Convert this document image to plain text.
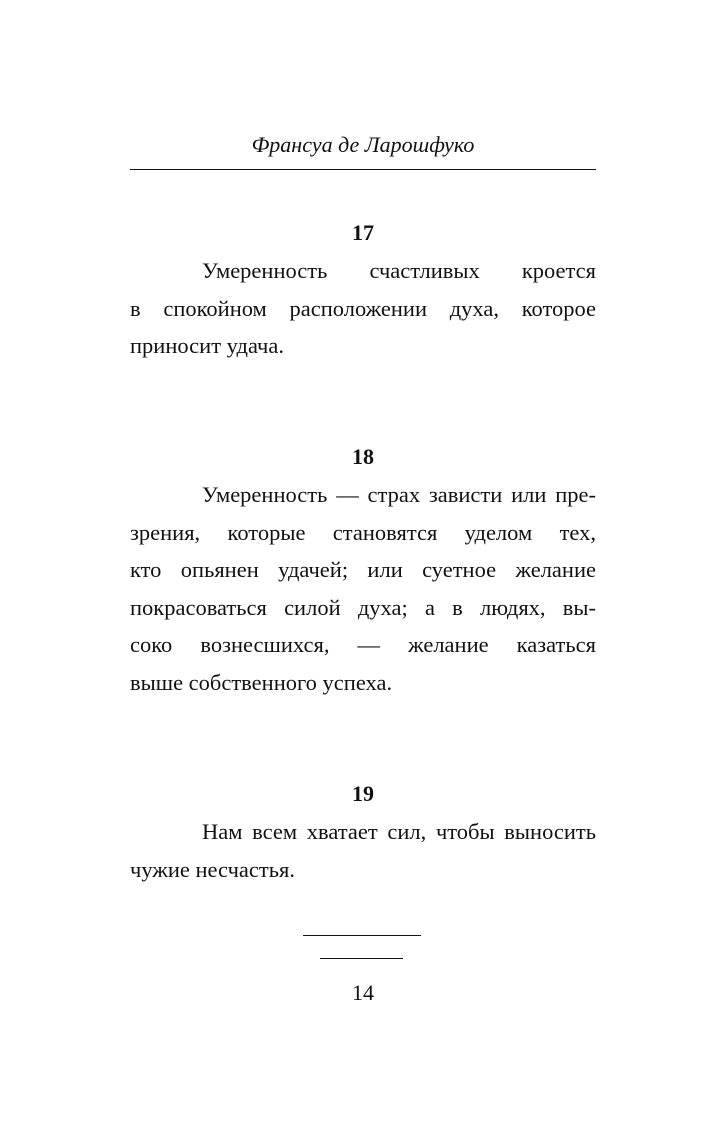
Франсуа де Ларошфуко
17

Умеренность счастливых кроется
в спокойном расположении духа, которое
приносит удача.

18

Умеренность — страх зависти или пре-
зрения, которые становятся уделом тех,
кто опьянен удачей; или суетное желание
покрасоваться силой духа; а в людях, вы-
соко вознесшихся, — желание казаться
выше собственного успеха.

19

Нам всем хватает сил, чтобы выносить
чужие несчастья.

14
